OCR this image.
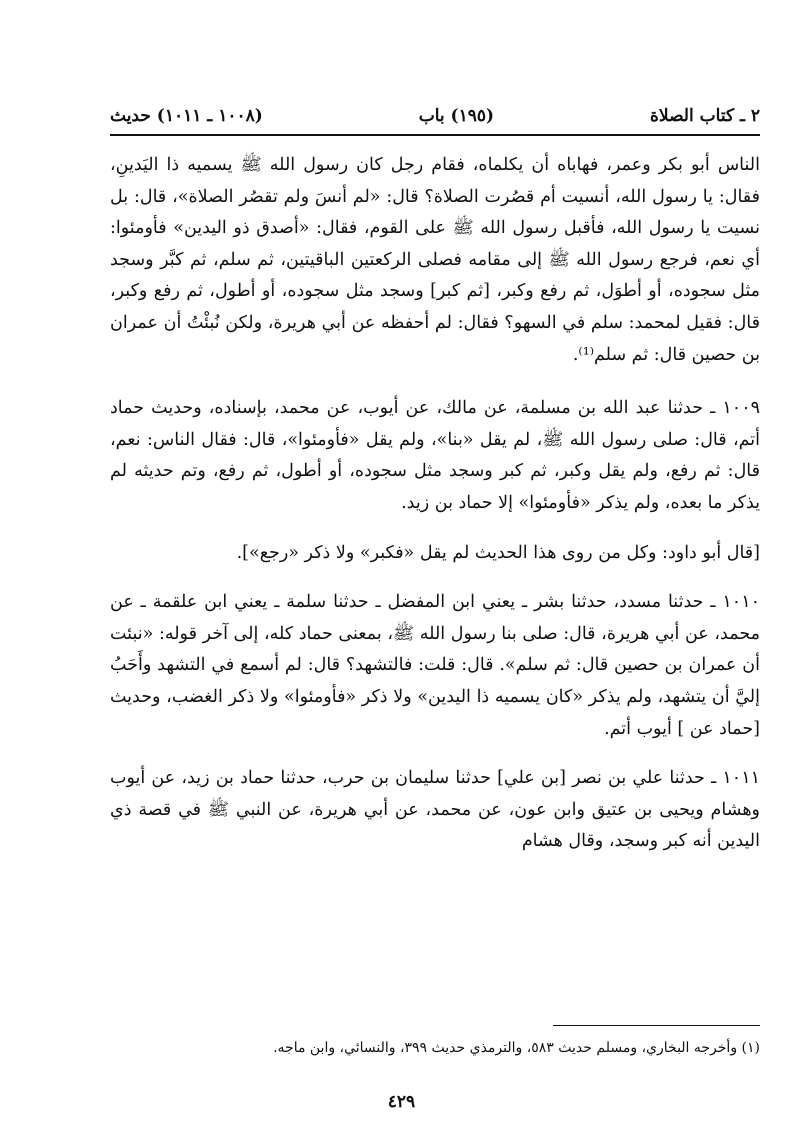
٢ ـ كتاب الصلاة
(١٩٥) باب
(١٠٠٨ ـ ١٠١١) حديث

الناس أبو بكر وعمر، فهاباه أن يكلماه، فقام رجل كان رسول الله ﷺ يسميه ذا اليَدينِ، فقال: يا رسول الله، أنسيت أم قصُرت الصلاة؟ قال: «لم أنسَ ولم تقصُر الصلاة»، قال: بل نسيت يا رسول الله، فأقبل رسول الله ﷺ على القوم، فقال: «أصدق ذو اليدين» فأومئوا: أي نعم، فرجع رسول الله ﷺ إلى مقامه فصلى الركعتين الباقيتين، ثم سلم، ثم كبَّر وسجد مثل سجوده، أو أطوَل، ثم رفع وكبر، [ثم كبر] وسجد مثل سجوده، أو أطول، ثم رفع وكبر، قال: فقيل لمحمد: سلم في السهو؟ فقال: لم أحفظه عن أبي هريرة، ولكن نُبئْتُ أن عمران بن حصين قال: ثم سلم⁽¹⁾.

١٠٠٩ ـ حدثنا عبد الله بن مسلمة، عن مالك، عن أيوب، عن محمد، بإسناده، وحديث حماد أتم، قال: صلى رسول الله ﷺ، لم يقل «بنا»، ولم يقل «فأومئوا»، قال: فقال الناس: نعم، قال: ثم رفع، ولم يقل وكبر، ثم كبر وسجد مثل سجوده، أو أطول، ثم رفع، وتم حديثه لم يذكر ما بعده، ولم يذكر «فأومئوا» إلا حماد بن زيد.

[قال أبو داود: وكل من روى هذا الحديث لم يقل «فكبر» ولا ذكر «رجع»].

١٠١٠ ـ حدثنا مسدد، حدثنا بشر ـ يعني ابن المفضل ـ حدثنا سلمة ـ يعني ابن علقمة ـ عن محمد، عن أبي هريرة، قال: صلى بنا رسول الله ﷺ، بمعنى حماد كله، إلى آخر قوله: «نبئت أن عمران بن حصين قال: ثم سلم». قال: قلت: فالتشهد؟ قال: لم أسمع في التشهد وأَحَبُ إليَّ أن يتشهد، ولم يذكر «كان يسميه ذا اليدين» ولا ذكر «فأومئوا» ولا ذكر الغضب، وحديث [حماد عن ] أيوب أتم.

١٠١١ ـ حدثنا علي بن نصر [بن علي] حدثنا سليمان بن حرب، حدثنا حماد بن زيد، عن أيوب وهشام ويحيى بن عتيق وابن عون، عن محمد، عن أبي هريرة، عن النبي ﷺ في قصة ذي اليدين أنه كبر وسجد، وقال هشام

(١) وأخرجه البخاري، ومسلم حديث ٥٨٣، والترمذي حديث ٣٩٩، والنسائي، وابن ماجه.
٤٢٩
